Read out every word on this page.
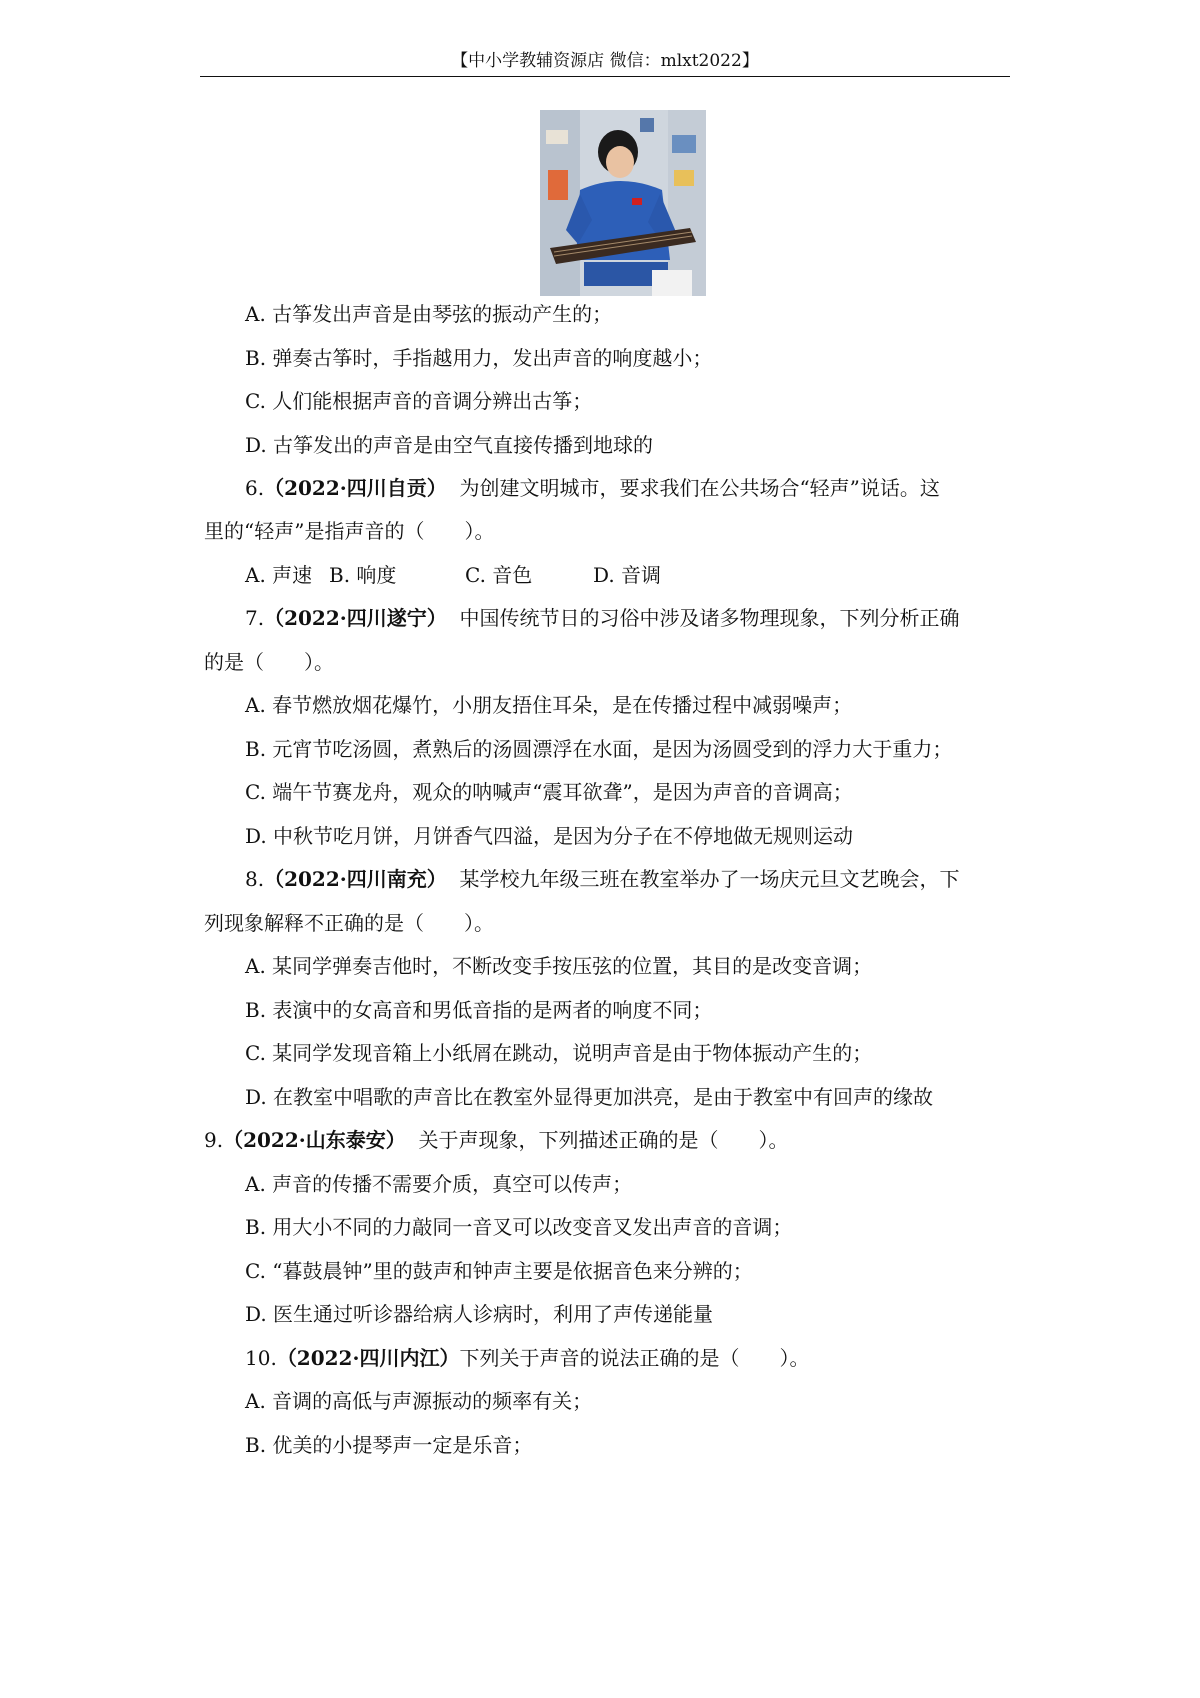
【中小学教辅资源店 微信：mlxt2022】
A. 古筝发出声音是由琴弦的振动产生的；
B. 弹奏古筝时，手指越用力，发出声音的响度越小；
C. 人们能根据声音的音调分辨出古筝；
D. 古筝发出的声音是由空气直接传播到地球的
6.（2022·四川自贡） 为创建文明城市，要求我们在公共场合“轻声”说话。这
里的“轻声”是指声音的（　　）。
A. 声速 B. 响度	C. 音色	D. 音调
7.（2022·四川遂宁） 中国传统节日的习俗中涉及诸多物理现象，下列分析正确
的是（　　）。
A. 春节燃放烟花爆竹，小朋友捂住耳朵，是在传播过程中减弱噪声；
B. 元宵节吃汤圆，煮熟后的汤圆漂浮在水面，是因为汤圆受到的浮力大于重力；
C. 端午节赛龙舟，观众的呐喊声“震耳欲聋”，是因为声音的音调高；
D. 中秋节吃月饼，月饼香气四溢，是因为分子在不停地做无规则运动
8.（2022·四川南充） 某学校九年级三班在教室举办了一场庆元旦文艺晚会，下
列现象解释不正确的是（　　）。
A. 某同学弹奏吉他时，不断改变手按压弦的位置，其目的是改变音调；
B. 表演中的女高音和男低音指的是两者的响度不同；
C. 某同学发现音箱上小纸屑在跳动，说明声音是由于物体振动产生的；
D. 在教室中唱歌的声音比在教室外显得更加洪亮，是由于教室中有回声的缘故
9.（2022·山东泰安） 关于声现象，下列描述正确的是（　　）。
A. 声音的传播不需要介质，真空可以传声；
B. 用大小不同的力敲同一音叉可以改变音叉发出声音的音调；
C. “暮鼓晨钟”里的鼓声和钟声主要是依据音色来分辨的；
D. 医生通过听诊器给病人诊病时，利用了声传递能量
10.（2022·四川内江）下列关于声音的说法正确的是（　　）。
A. 音调的高低与声源振动的频率有关；
B. 优美的小提琴声一定是乐音；
